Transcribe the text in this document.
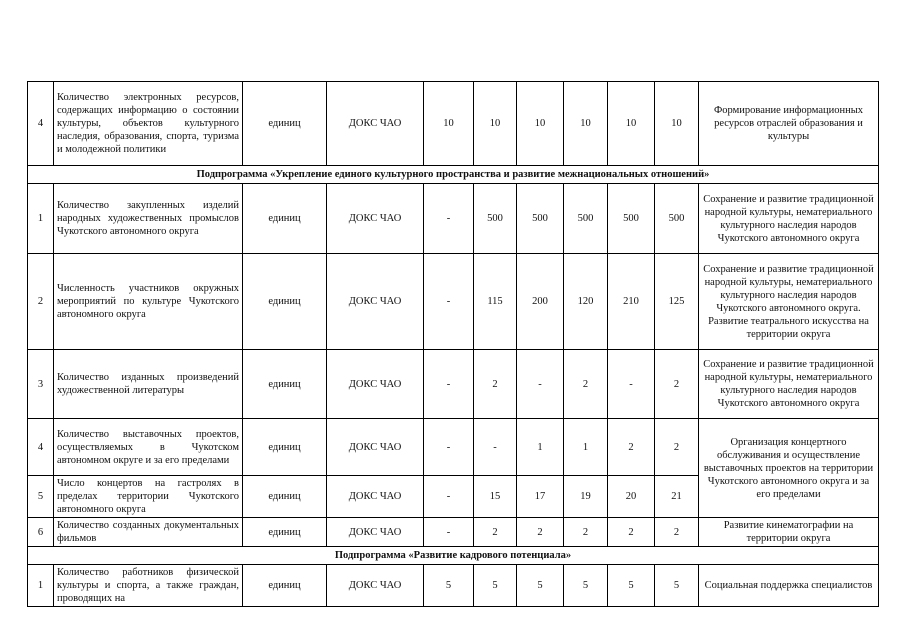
4	Количество электронных ресурсов, содержащих информацию о состоянии культуры, объектов культурного наследия, образования, спорта, туризма и молодежной политики	единиц	ДОКС ЧАО	10	10	10	10	10	10	Формирование информационных ресурсов отраслей образования и культуры
Подпрограмма «Укрепление единого культурного пространства и развитие межнациональных отношений»										
1	Количество закупленных изделий народных художественных промыслов Чукотского автономного округа	единиц	ДОКС ЧАО	-	500	500	500	500	500	Сохранение и развитие традиционной народной культуры, нематериального культурного наследия народов Чукотского автономного округа
2	Численность участников окружных мероприятий по культуре Чукотского автономного округа	единиц	ДОКС ЧАО	-	115	200	120	210	125	Сохранение и развитие традиционной народной культуры, нематериального культурного наследия народов Чукотского автономного округа. Развитие театрального искусства на территории округа
3	Количество изданных произведений художественной литературы	единиц	ДОКС ЧАО	-	2	-	2	-	2	Сохранение и развитие традиционной народной культуры, нематериального культурного наследия народов Чукотского автономного округа
4	Количество выставочных проектов, осуществляемых в Чукотском автономном округе и за его пределами	единиц	ДОКС ЧАО	-	-	1	1	2	2	Организация концертного обслуживания и осуществление выставочных проектов на территории Чукотского автономного округа и за его пределами
5	Число концертов на гастролях в пределах территории Чукотского автономного округа	единиц	ДОКС ЧАО	-	15	17	19	20	21	
6	Количество созданных документальных фильмов	единиц	ДОКС ЧАО	-	2	2	2	2	2	Развитие кинематографии на территории округа
Подпрограмма «Развитие кадрового потенциала»										
1	Количество работников физической культуры и спорта, а также граждан, проводящих на	единиц	ДОКС ЧАО	5	5	5	5	5	5	Социальная поддержка специалистов
